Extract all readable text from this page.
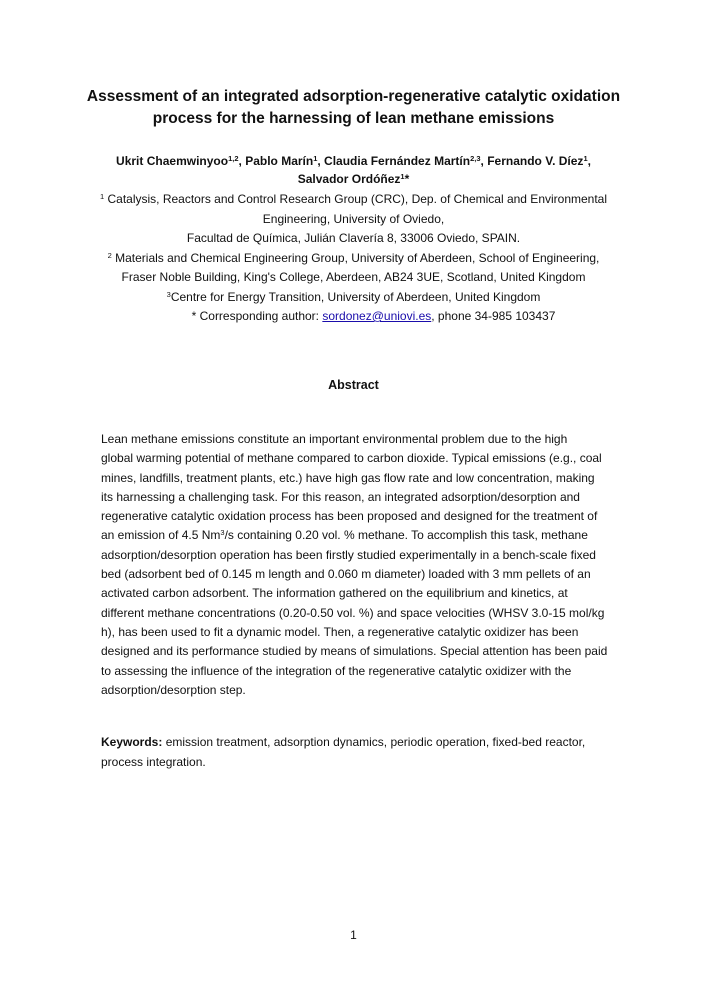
Assessment of an integrated adsorption-regenerative catalytic oxidation
process for the harnessing of lean methane emissions
Ukrit Chaemwinyoo$^{1,2}$, Pablo Marín$^1$, Claudia Fernández Martín$^{2,3}$, Fernando V. Díez$^1$,
Salvador Ordóñez$^1$*
$^1$ Catalysis, Reactors and Control Research Group (CRC), Dep. of Chemical and Environmental
Engineering, University of Oviedo,
Facultad de Química, Julián Clavería 8, 33006 Oviedo, SPAIN.
$^2$ Materials and Chemical Engineering Group, University of Aberdeen, School of Engineering,
Fraser Noble Building, King's College, Aberdeen, AB24 3UE, Scotland, United Kingdom
$^3$Centre for Energy Transition, University of Aberdeen, United Kingdom
* Corresponding author: sordonez@uniovi.es, phone 34-985 103437
Abstract
Lean methane emissions constitute an important environmental problem due to the high
global warming potential of methane compared to carbon dioxide. Typical emissions (e.g., coal
mines, landfills, treatment plants, etc.) have high gas flow rate and low concentration, making
its harnessing a challenging task. For this reason, an integrated adsorption/desorption and
regenerative catalytic oxidation process has been proposed and designed for the treatment of
an emission of 4.5 Nm$^3$/s containing 0.20 vol. % methane. To accomplish this task, methane
adsorption/desorption operation has been firstly studied experimentally in a bench-scale fixed
bed (adsorbent bed of 0.145 m length and 0.060 m diameter) loaded with 3 mm pellets of an
activated carbon adsorbent. The information gathered on the equilibrium and kinetics, at
different methane concentrations (0.20-0.50 vol. %) and space velocities (WHSV 3.0-15 mol/kg
h), has been used to fit a dynamic model. Then, a regenerative catalytic oxidizer has been
designed and its performance studied by means of simulations. Special attention has been paid
to assessing the influence of the integration of the regenerative catalytic oxidizer with the
adsorption/desorption step.
Keywords: emission treatment, adsorption dynamics, periodic operation, fixed-bed reactor,
process integration.
1
